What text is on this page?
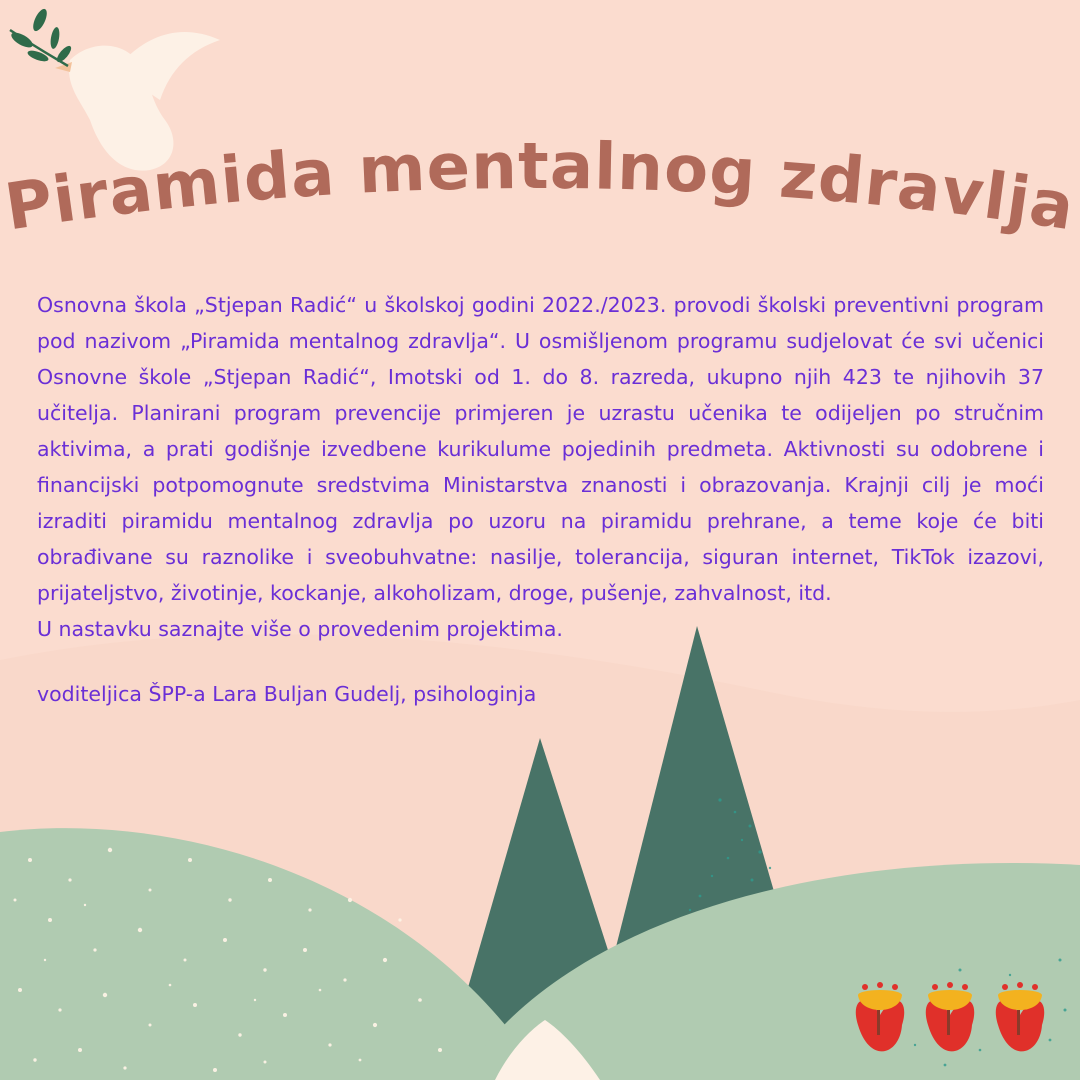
Piramida mentalnog zdravlja

Osnovna škola „Stjepan Radić“ u školskoj godini 2022./2023. provodi školski preventivni program pod nazivom „Piramida mentalnog zdravlja“. U osmišljenom programu sudjelovat će svi učenici Osnovne škole „Stjepan Radić“, Imotski od 1. do 8. razreda, ukupno njih 423 te njihovih 37 učitelja. Planirani program prevencije primjeren je uzrastu učenika te odijeljen po stručnim aktivima, a prati godišnje izvedbene kurikulume pojedinih predmeta. Aktivnosti su odobrene i financijski potpomognute sredstvima Ministarstva znanosti i obrazovanja. Krajnji cilj je moći izraditi piramidu mentalnog zdravlja po uzoru na piramidu prehrane, a teme koje će biti obrađivane su raznolike i sveobuhvatne: nasilje, tolerancija, siguran internet, TikTok izazovi, prijateljstvo, životinje, kockanje, alkoholizam, droge, pušenje, zahvalnost, itd.
U nastavku saznajte više o provedenim projektima.

voditeljica ŠPP-a Lara Buljan Gudelj, psihologinja
